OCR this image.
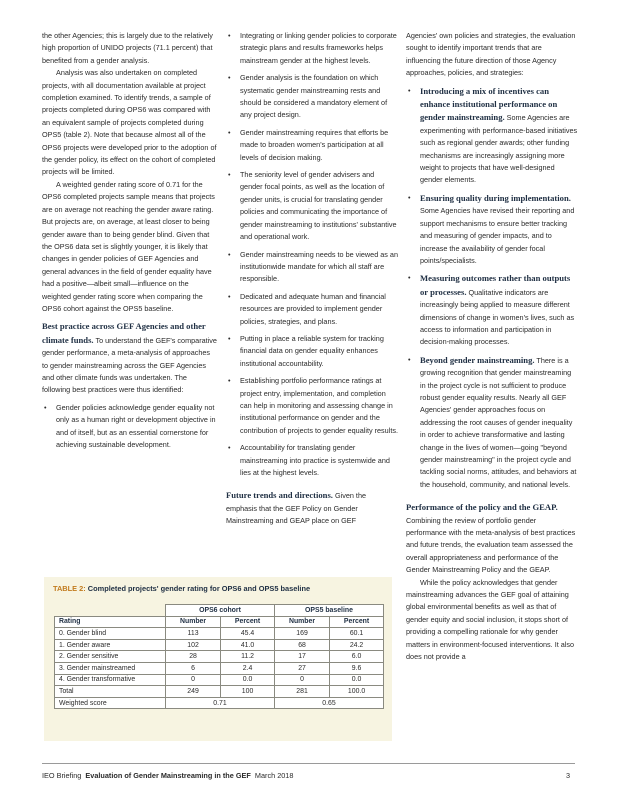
the other Agencies; this is largely due to the relatively high proportion of UNIDO projects (71.1 percent) that benefited from a gender analysis.

Analysis was also undertaken on completed projects, with all documentation available at project completion examined. To identify trends, a sample of projects completed during OPS6 was compared with an equivalent sample of projects completed during OPS5 (table 2). Note that because almost all of the OPS6 projects were developed prior to the adoption of the gender policy, its effect on the cohort of completed projects will be limited.

A weighted gender rating score of 0.71 for the OPS6 completed projects sample means that projects are on average not reaching the gender aware rating. But projects are, on average, at least closer to being gender aware than to being gender blind. Given that the OPS6 data set is slightly younger, it is likely that changes in gender policies of GEF Agencies and general advances in the field of gender equality have had a positive—albeit small—influence on the weighted gender rating score when comparing the OPS6 cohort against the OPS5 baseline.

Best practice across GEF Agencies and other climate funds. To understand the GEF's comparative gender performance, a meta-analysis of approaches to gender mainstreaming across the GEF Agencies and other climate funds was undertaken. The following best practices were thus identified:

• Gender policies acknowledge gender equality not only as a human right or development objective in and of itself, but as an essential cornerstone for achieving sustainable development.
• Integrating or linking gender policies to corporate strategic plans and results frameworks helps mainstream gender at the highest levels.
• Gender analysis is the foundation on which systematic gender mainstreaming rests and should be considered a mandatory element of any project design.
• Gender mainstreaming requires that efforts be made to broaden women's participation at all levels of decision making.
• The seniority level of gender advisers and gender focal points, as well as the location of gender units, is crucial for translating gender policies and communicating the importance of gender mainstreaming to institutions' substantive and operational work.
• Gender mainstreaming needs to be viewed as an institutionwide mandate for which all staff are responsible.
• Dedicated and adequate human and financial resources are provided to implement gender policies, strategies, and plans.
• Putting in place a reliable system for tracking financial data on gender equality enhances institutional accountability.
• Establishing portfolio performance ratings at project entry, implementation, and completion can help in monitoring and assessing change in institutional performance on gender and the contribution of projects to gender equality results.
• Accountability for translating gender mainstreaming into practice is systemwide and lies at the highest levels.

Future trends and directions. Given the emphasis that the GEF Policy on Gender Mainstreaming and GEAP place on GEF

Agencies' own policies and strategies, the evaluation sought to identify important trends that are influencing the future direction of those Agency approaches, policies, and strategies:

• Introducing a mix of incentives can enhance institutional performance on gender mainstreaming. Some Agencies are experimenting with performance-based initiatives such as regional gender awards; other funding mechanisms are increasingly assigning more weight to projects that have well-designed gender elements.
• Ensuring quality during implementation. Some Agencies have revised their reporting and support mechanisms to ensure better tracking and measuring of gender impacts, and to increase the availability of gender focal points/specialists.
• Measuring outcomes rather than outputs or processes. Qualitative indicators are increasingly being applied to measure different dimensions of change in women's lives, such as access to information and participation in decision-making processes.
• Beyond gender mainstreaming. There is a growing recognition that gender mainstreaming in the project cycle is not sufficient to produce robust gender equality results. Nearly all GEF Agencies' gender approaches focus on addressing the root causes of gender inequality in order to achieve transformative and lasting change in the lives of women—going "beyond gender mainstreaming" in the project cycle and tackling social norms, attitudes, and behaviors at the household, community, and national levels.

Performance of the policy and the GEAP. Combining the review of portfolio gender performance with the meta-analysis of best practices and future trends, the evaluation team assessed the overall appropriateness and performance of the Gender Mainstreaming Policy and the GEAP.

While the policy acknowledges that gender mainstreaming advances the GEF goal of attaining global environmental benefits as well as that of gender equity and social inclusion, it stops short of providing a compelling rationale for why gender matters in environment-focused interventions. It also does not provide a

TABLE 2: Completed projects' gender rating for OPS6 and OPS5 baseline
	OPS6 cohort		OPS5 baseline	
Rating	Number	Percent	Number	Percent
0. Gender blind	113	45.4	169	60.1
1. Gender aware	102	41.0	68	24.2
2. Gender sensitive	28	11.2	17	6.0
3. Gender mainstreamed	6	2.4	27	9.6
4. Gender transformative	0	0.0	0	0.0
Total	249	100	281	100.0
Weighted score	0.71		0.65	
IEO Briefing Evaluation of Gender Mainstreaming in the GEF March 2018	3
